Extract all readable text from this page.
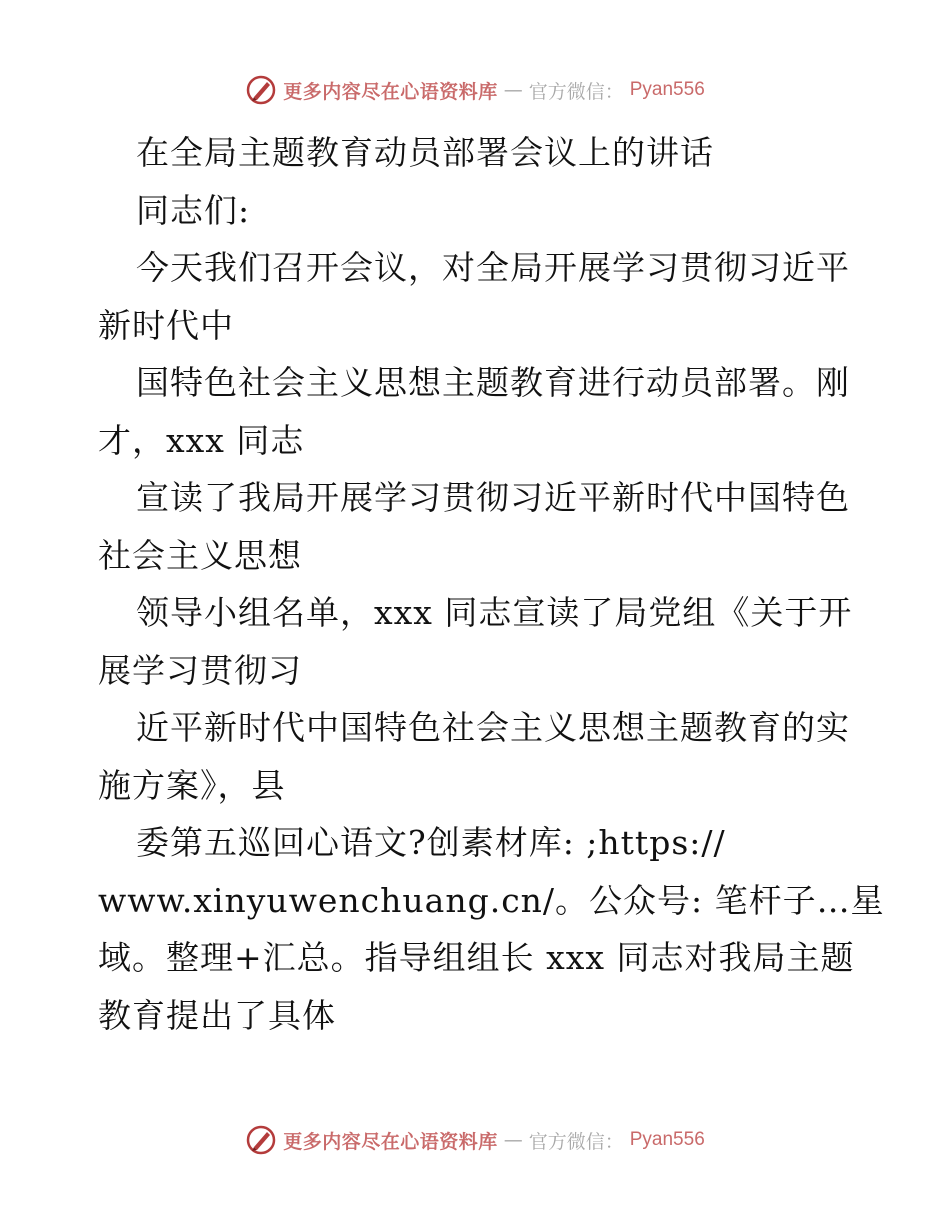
更多内容尽在心语资料库 — 官方微信： Pyan556
在全局主题教育动员部署会议上的讲话
同志们:
今天我们召开会议，对全局开展学习贯彻习近平
新时代中
国特色社会主义思想主题教育进行动员部署。刚
才，xxx 同志
宣读了我局开展学习贯彻习近平新时代中国特色
社会主义思想
领导小组名单，xxx 同志宣读了局党组《关于开
展学习贯彻习
近平新时代中国特色社会主义思想主题教育的实
施方案》，县
委第五巡回心语文?创素材库: ;https://
www.xinyuwenchuang.cn/。公众号: 笔杆子…星
域。整理+汇总。指导组组长 xxx 同志对我局主题
教育提出了具体
更多内容尽在心语资料库 — 官方微信： Pyan556
